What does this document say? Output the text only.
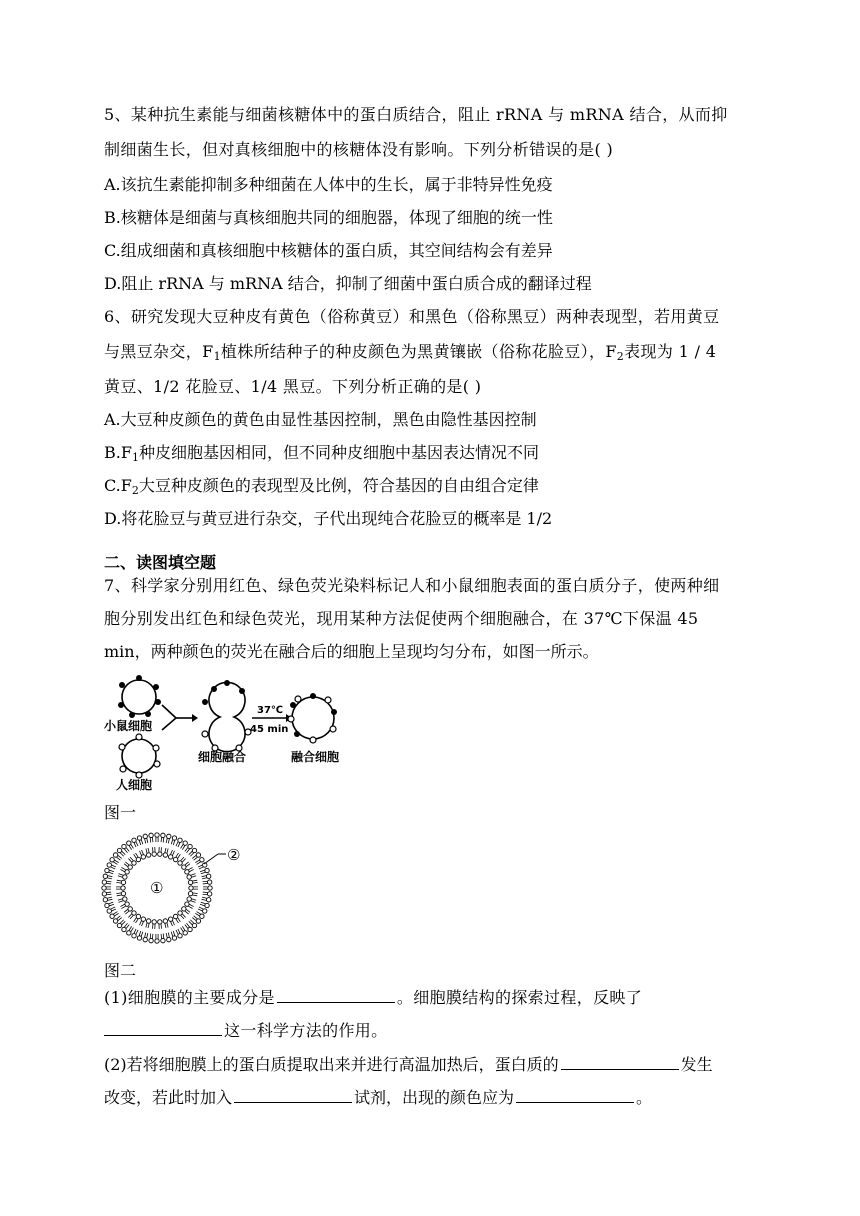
5、某种抗生素能与细菌核糖体中的蛋白质结合，阻止 rRNA 与 mRNA 结合，从而抑
制细菌生长，但对真核细胞中的核糖体没有影响。下列分析错误的是( )
A.该抗生素能抑制多种细菌在人体中的生长，属于非特异性免疫
B.核糖体是细菌与真核细胞共同的细胞器，体现了细胞的统一性
C.组成细菌和真核细胞中核糖体的蛋白质，其空间结构会有差异
D.阻止 rRNA 与 mRNA 结合，抑制了细菌中蛋白质合成的翻译过程
6、研究发现大豆种皮有黄色（俗称黄豆）和黑色（俗称黑豆）两种表现型，若用黄豆
与黑豆杂交，$F_1$植株所结种子的种皮颜色为黑黄镶嵌（俗称花脸豆），$F_2$表现为 1 / 4
黄豆、1/2 花脸豆、1/4 黑豆。下列分析正确的是( )
A.大豆种皮颜色的黄色由显性基因控制，黑色由隐性基因控制
$B.F_1$种皮细胞基因相同，但不同种皮细胞中基因表达情况不同
$C.F_2$大豆种皮颜色的表现型及比例，符合基因的自由组合定律
D.将花脸豆与黄豆进行杂交，子代出现纯合花脸豆的概率是 1/2
二、读图填空题
7、科学家分别用红色、绿色荧光染料标记人和小鼠细胞表面的蛋白质分子，使两种细
胞分别发出红色和绿色荧光，现用某种方法促使两个细胞融合，在 37℃下保温 45
min，两种颜色的荧光在融合后的细胞上呈现均匀分布，如图一所示。
小鼠细胞
人细胞
细胞融合	融合细胞
37℃
45 min
图一
①
②
图二
(1)细胞膜的主要成分是	。细胞膜结构的探索过程，反映了
这一科学方法的作用。
(2)若将细胞膜上的蛋白质提取出来并进行高温加热后，蛋白质的	发生
改变，若此时加入	试剂，出现的颜色应为	。
